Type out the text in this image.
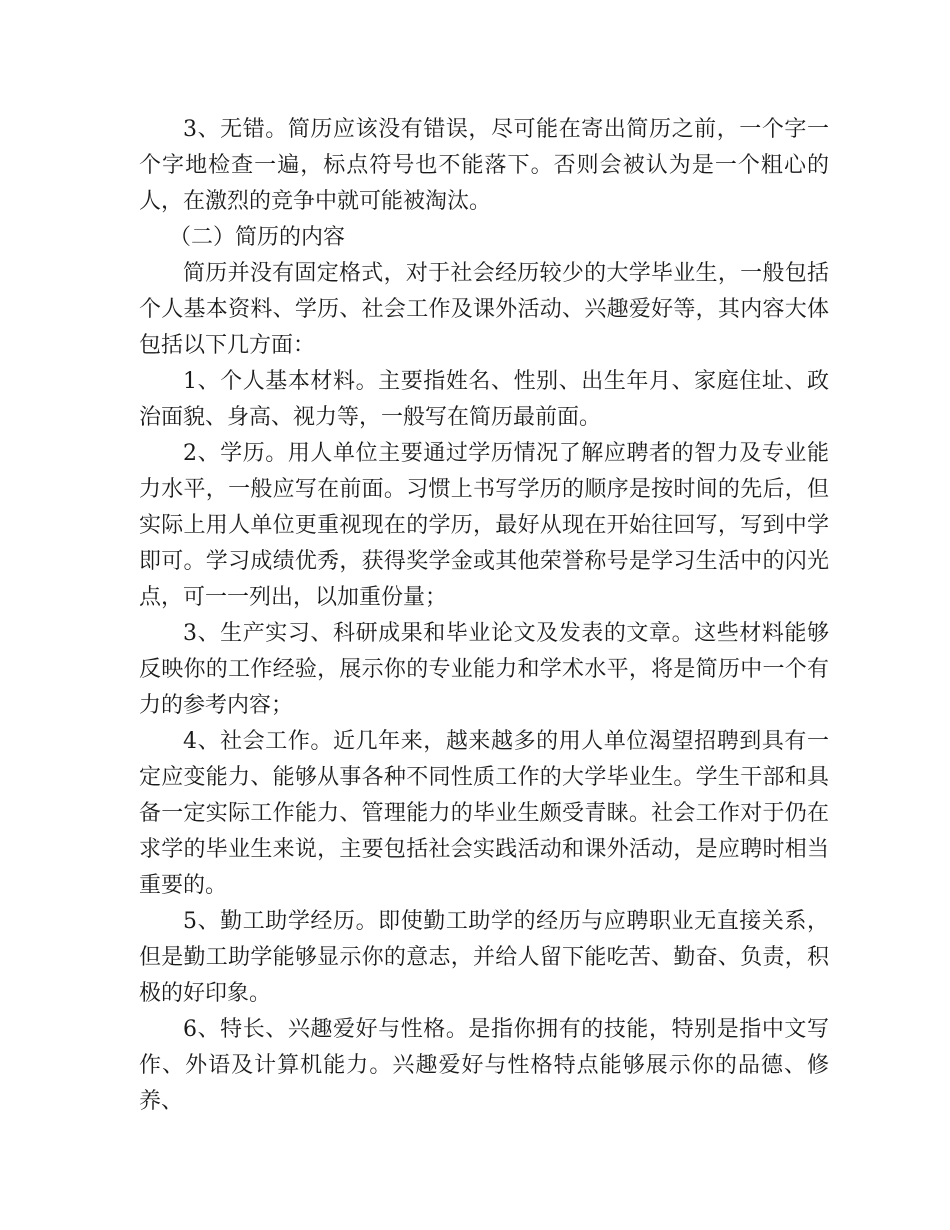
3、无错。简历应该没有错误，尽可能在寄出简历之前，一个字一个字地检查一遍，标点符号也不能落下。否则会被认为是一个粗心的人，在激烈的竞争中就可能被淘汰。

（二）简历的内容

简历并没有固定格式，对于社会经历较少的大学毕业生，一般包括个人基本资料、学历、社会工作及课外活动、兴趣爱好等，其内容大体包括以下几方面：

1、个人基本材料。主要指姓名、性别、出生年月、家庭住址、政治面貌、身高、视力等，一般写在简历最前面。

2、学历。用人单位主要通过学历情况了解应聘者的智力及专业能力水平，一般应写在前面。习惯上书写学历的顺序是按时间的先后，但实际上用人单位更重视现在的学历，最好从现在开始往回写，写到中学即可。学习成绩优秀，获得奖学金或其他荣誉称号是学习生活中的闪光点，可一一列出，以加重份量；

3、生产实习、科研成果和毕业论文及发表的文章。这些材料能够反映你的工作经验，展示你的专业能力和学术水平，将是简历中一个有力的参考内容；

4、社会工作。近几年来，越来越多的用人单位渴望招聘到具有一定应变能力、能够从事各种不同性质工作的大学毕业生。学生干部和具备一定实际工作能力、管理能力的毕业生颇受青睐。社会工作对于仍在求学的毕业生来说，主要包括社会实践活动和课外活动，是应聘时相当重要的。

5、勤工助学经历。即使勤工助学的经历与应聘职业无直接关系，但是勤工助学能够显示你的意志，并给人留下能吃苦、勤奋、负责，积极的好印象。

6、特长、兴趣爱好与性格。是指你拥有的技能，特别是指中文写作、外语及计算机能力。兴趣爱好与性格特点能够展示你的品德、修养、
